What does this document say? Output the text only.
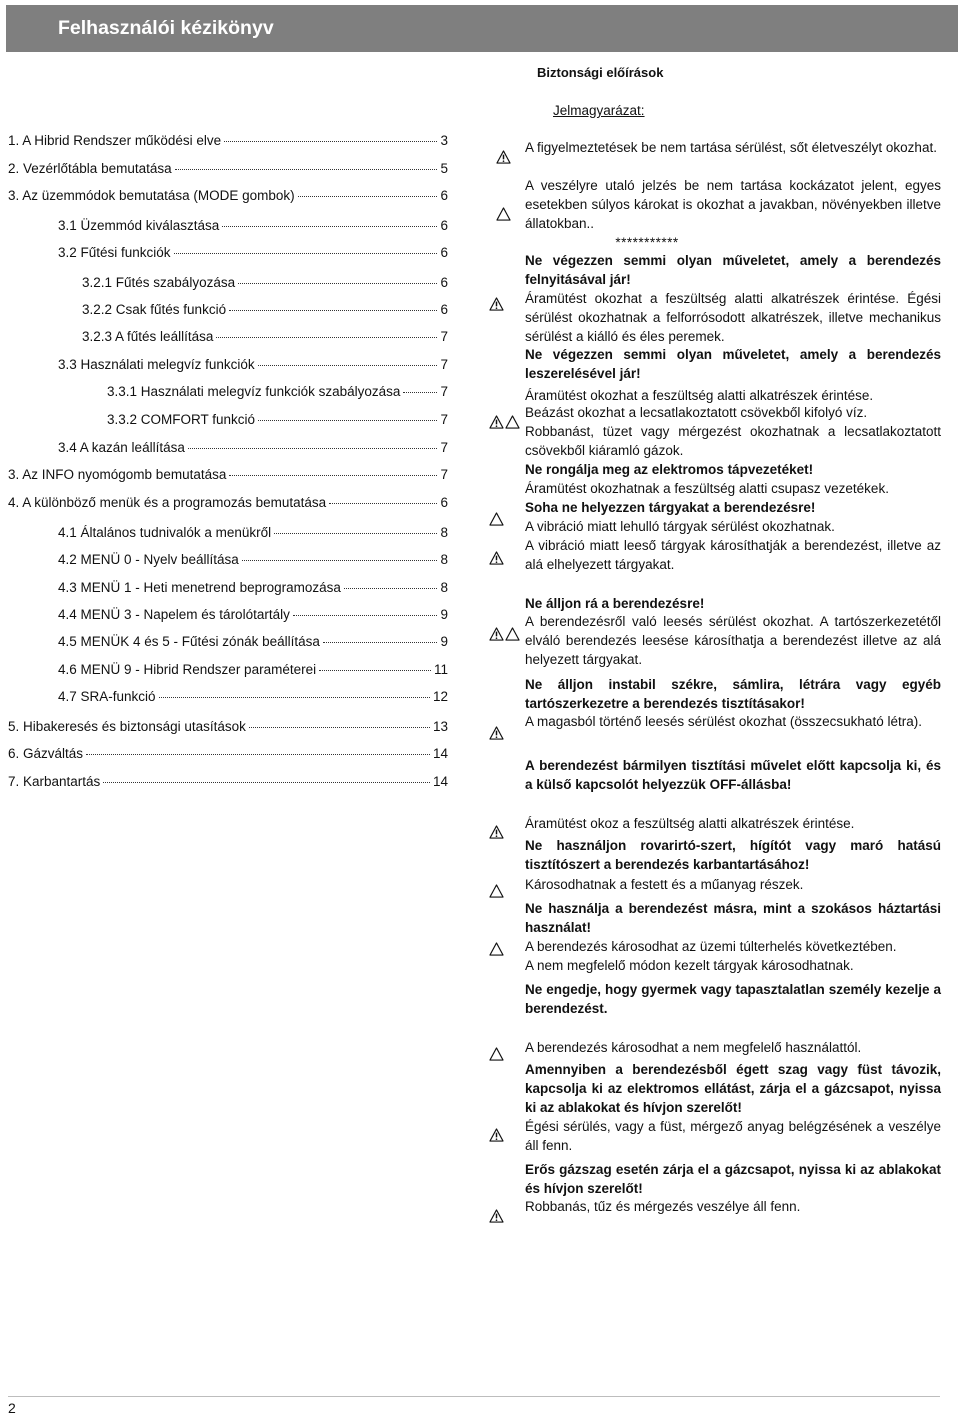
Felhasználói kézikönyv
Biztonsági előírások
Jelmagyarázat:
1. A Hibrid Rendszer működési elve	3
2. Vezérlőtábla bemutatása	5
3. Az üzemmódok bemutatása (MODE gombok)	6
3.1 Üzemmód kiválasztása	6
3.2 Fűtési funkciók	6
3.2.1 Fűtés szabályozása	6
3.2.2 Csak fűtés funkció	6
3.2.3 A fűtés leállítása	7
3.3 Használati melegvíz funkciók	7
3.3.1 Használati melegvíz funkciók szabályozása	7
3.3.2 COMFORT funkció	7
3.4 A kazán leállítása	7
3. Az INFO nyomógomb bemutatása	7
4. A különböző menük és a programozás bemutatása	6
4.1 Általános tudnivalók a menükről	8
4.2 MENÜ 0 - Nyelv beállítása	8
4.3 MENÜ 1 - Heti menetrend beprogramozása	8
4.4 MENÜ 3 - Napelem és tárolótartály	9
4.5 MENÜK 4 és 5 - Fűtési zónák beállítása	9
4.6 MENÜ 9 - Hibrid Rendszer paraméterei	11
4.7 SRA-funkció	12
5. Hibakeresés és biztonsági utasítások	13
6. Gázváltás	14
7. Karbantartás	14
A figyelmeztetések be nem tartása sérülést, sőt életveszélyt okozhat.
A veszélyre utaló jelzés be nem tartása kockázatot jelent, egyes esetekben súlyos károkat is okozhat a javakban, növényekben illetve állatokban..
***********
Ne végezzen semmi olyan műveletet, amely a berendezés felnyitásával jár!
Áramütést okozhat a feszültség alatti alkatrészek érintése. Égési sérülést okozhatnak a felforrósodott alkatrészek, illetve mechanikus sérülést a kiálló és éles peremek.
Ne végezzen semmi olyan műveletet, amely a berendezés leszerelésével jár!
Áramütést okozhat a feszültség alatti alkatrészek érintése.
Beázást okozhat a lecsatlakoztatott csövekből kifolyó víz.
Robbanást, tüzet vagy mérgezést okozhatnak a lecsatlakoztatott csövekből kiáramló gázok.
Ne rongálja meg az elektromos tápvezetéket!
Áramütést okozhatnak a feszültség alatti csupasz vezetékek.
Soha ne helyezzen tárgyakat a berendezésre!
A vibráció miatt lehulló tárgyak sérülést okozhatnak.
A vibráció miatt leeső tárgyak károsíthatják a berendezést, illetve az alá elhelyezett tárgyakat.
Ne álljon rá a berendezésre!
A berendezésről való leesés sérülést okozhat. A tartószerkezetétől elváló berendezés leesése károsíthatja a berendezést illetve az alá helyezett tárgyakat.
Ne álljon instabil székre, sámlira, létrára vagy egyéb tartószerkezetre a berendezés tisztításakor!
A magasból történő leesés sérülést okozhat (összecsukható létra).
A berendezést bármilyen tisztítási művelet előtt kapcsolja ki, és a külső kapcsolót helyezzük OFF-állásba!
Áramütést okoz a feszültség alatti alkatrészek érintése.
Ne használjon rovarirtó-szert, hígítót vagy maró hatású tisztítószert a berendezés karbantartásához!
Károsodhatnak a festett és a műanyag részek.
Ne használja a berendezést másra, mint a szokásos háztartási használat!
A berendezés károsodhat az üzemi túlterhelés következtében.
A nem megfelelő módon kezelt tárgyak károsodhatnak.
Ne engedje, hogy gyermek vagy tapasztalatlan személy kezelje a berendezést.
A berendezés károsodhat a nem megfelelő használattól.
Amennyiben a berendezésből égett szag vagy füst távozik, kapcsolja ki az elektromos ellátást, zárja el a gázcsapot, nyissa ki az ablakokat és hívjon szerelőt!
Égési sérülés, vagy a füst, mérgező anyag belégzésének a veszélye áll fenn.
Erős gázszag esetén zárja el a gázcsapot, nyissa ki az ablakokat és hívjon szerelőt!
Robbanás, tűz és mérgezés veszélye áll fenn.
2
